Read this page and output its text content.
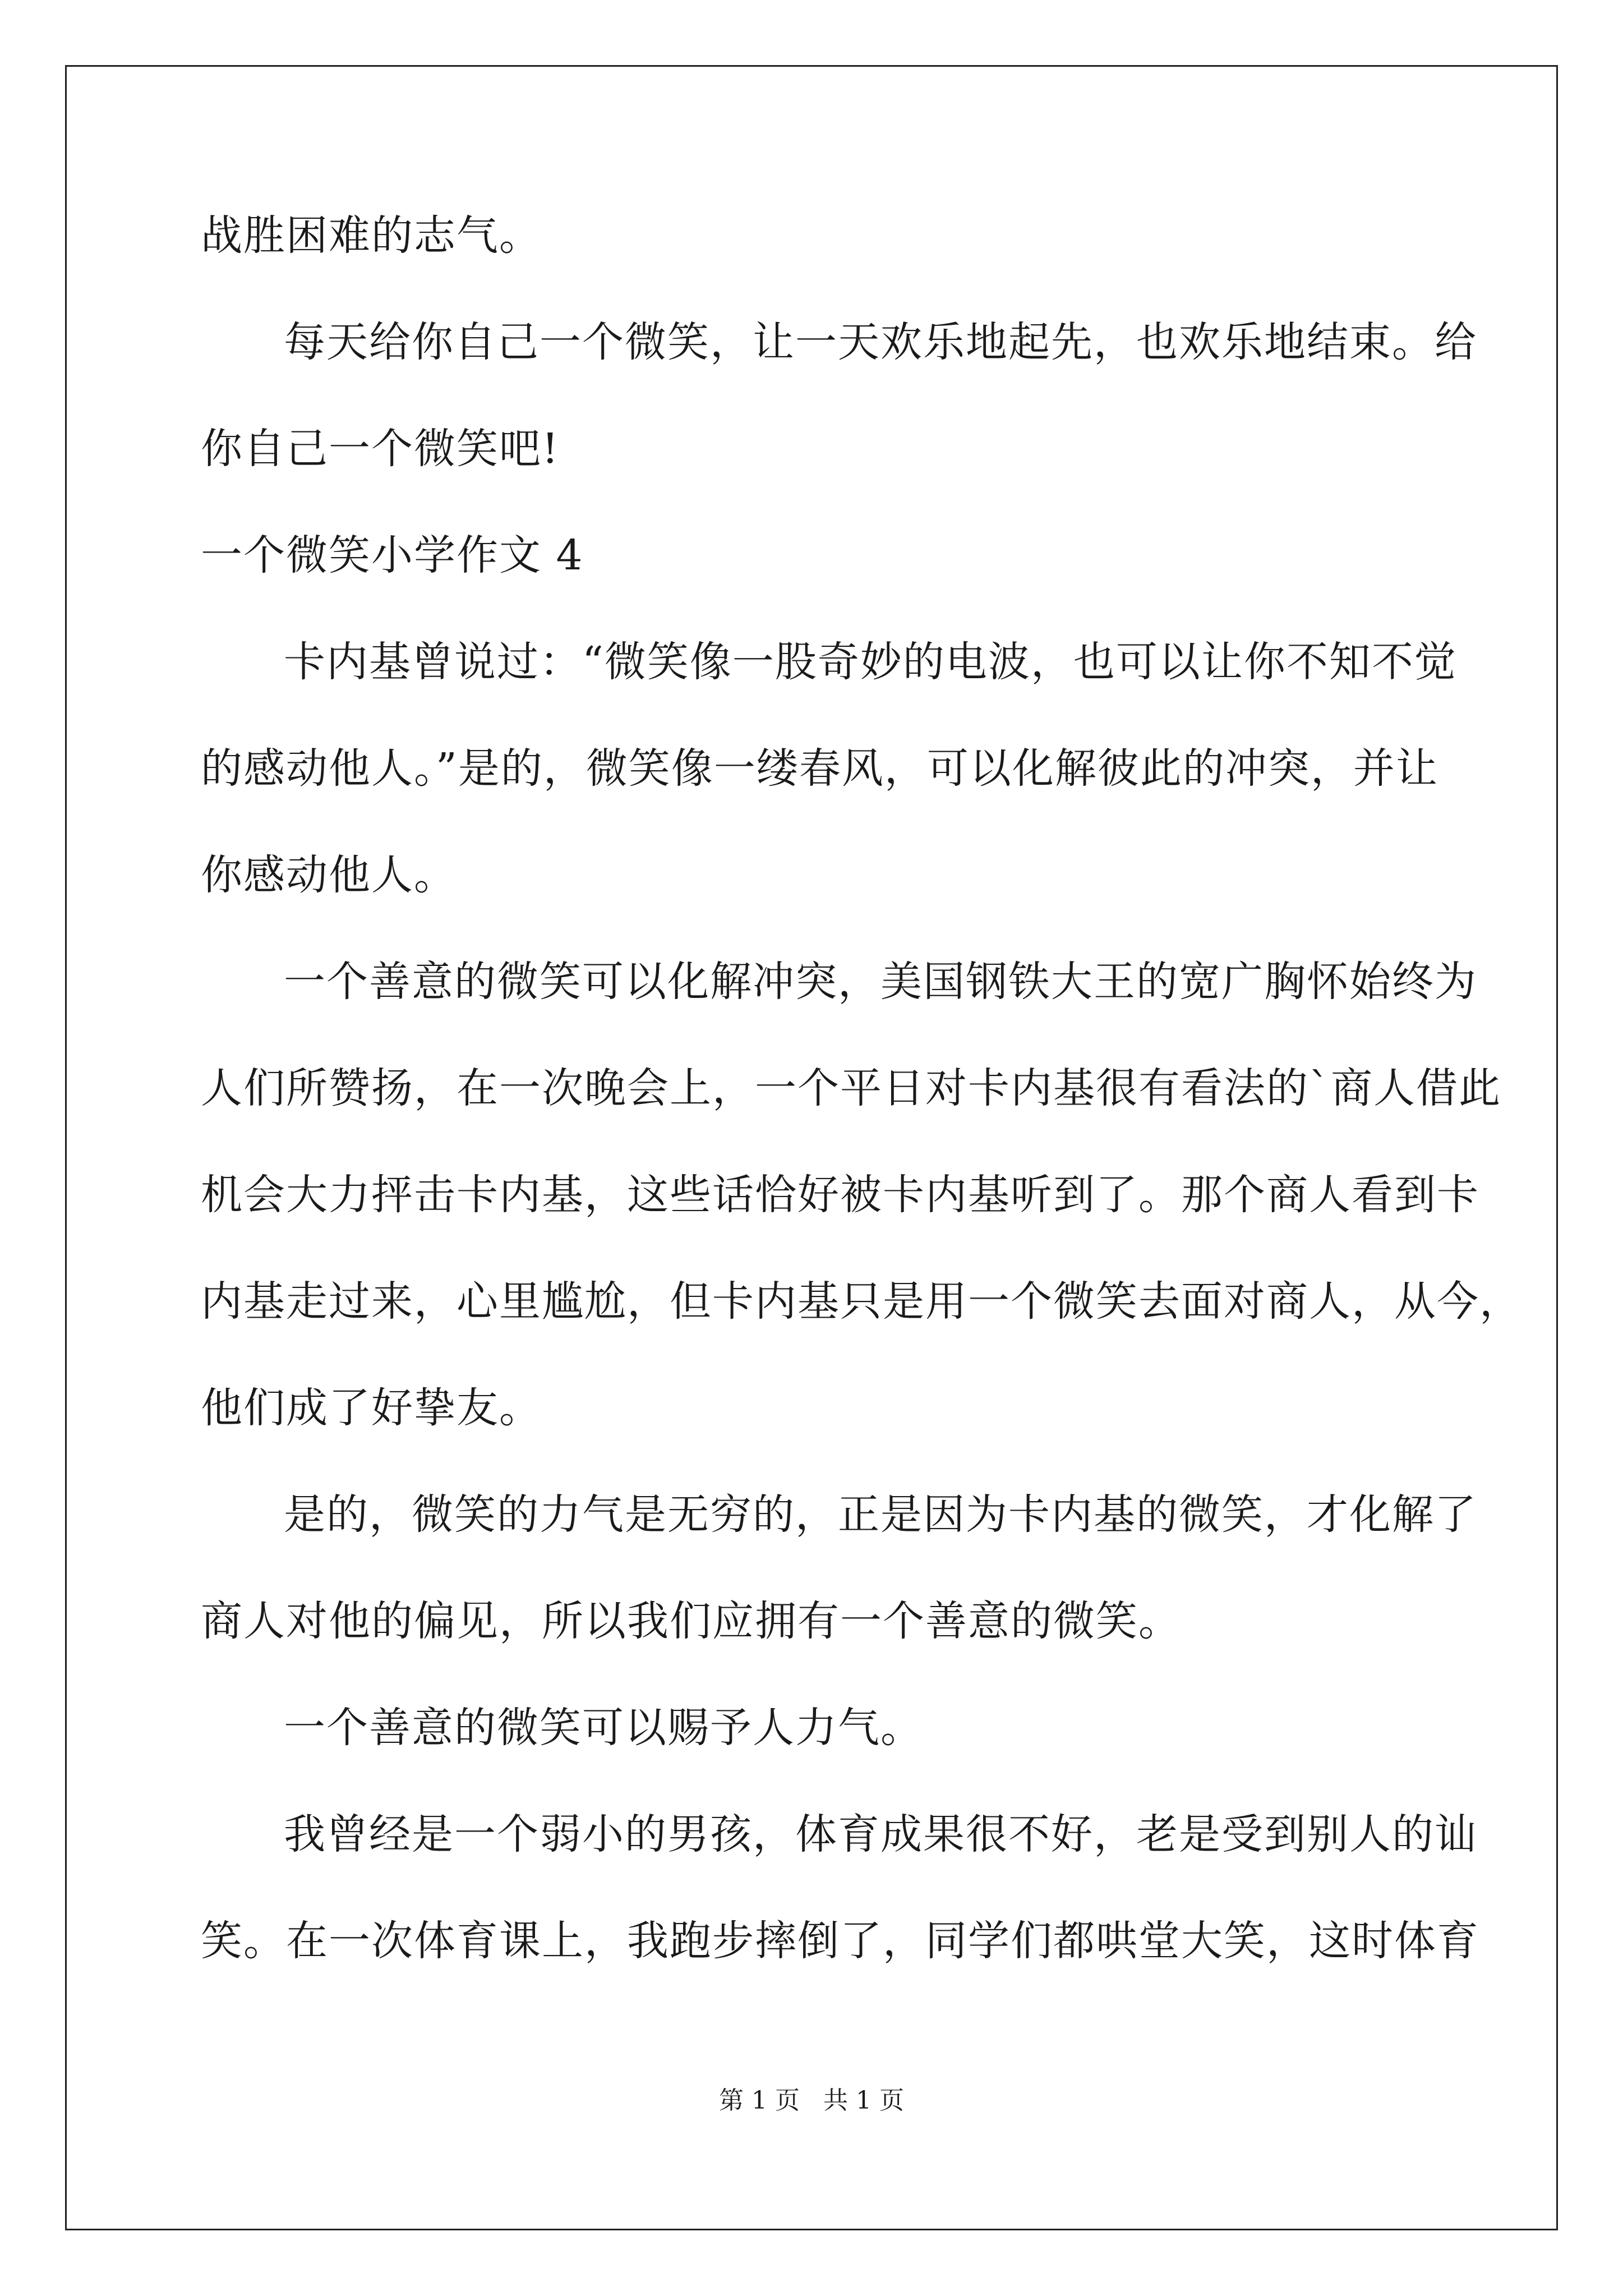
战胜困难的志气。
每天给你自己一个微笑，让一天欢乐地起先，也欢乐地结束。给
你自己一个微笑吧!
一个微笑小学作文 4
卡内基曾说过：“微笑像一股奇妙的电波，也可以让你不知不觉
的感动他人。”是的，微笑像一缕春风，可以化解彼此的冲突，并让
你感动他人。
一个善意的微笑可以化解冲突，美国钢铁大王的宽广胸怀始终为
人们所赞扬，在一次晚会上，一个平日对卡内基很有看法的`商人借此
机会大力抨击卡内基，这些话恰好被卡内基听到了。那个商人看到卡
内基走过来，心里尴尬，但卡内基只是用一个微笑去面对商人，从今，
他们成了好挚友。
是的，微笑的力气是无穷的，正是因为卡内基的微笑，才化解了
商人对他的偏见，所以我们应拥有一个善意的微笑。
一个善意的微笑可以赐予人力气。
我曾经是一个弱小的男孩，体育成果很不好，老是受到别人的讪
笑。在一次体育课上，我跑步摔倒了，同学们都哄堂大笑，这时体育
第 1 页   共 1 页
